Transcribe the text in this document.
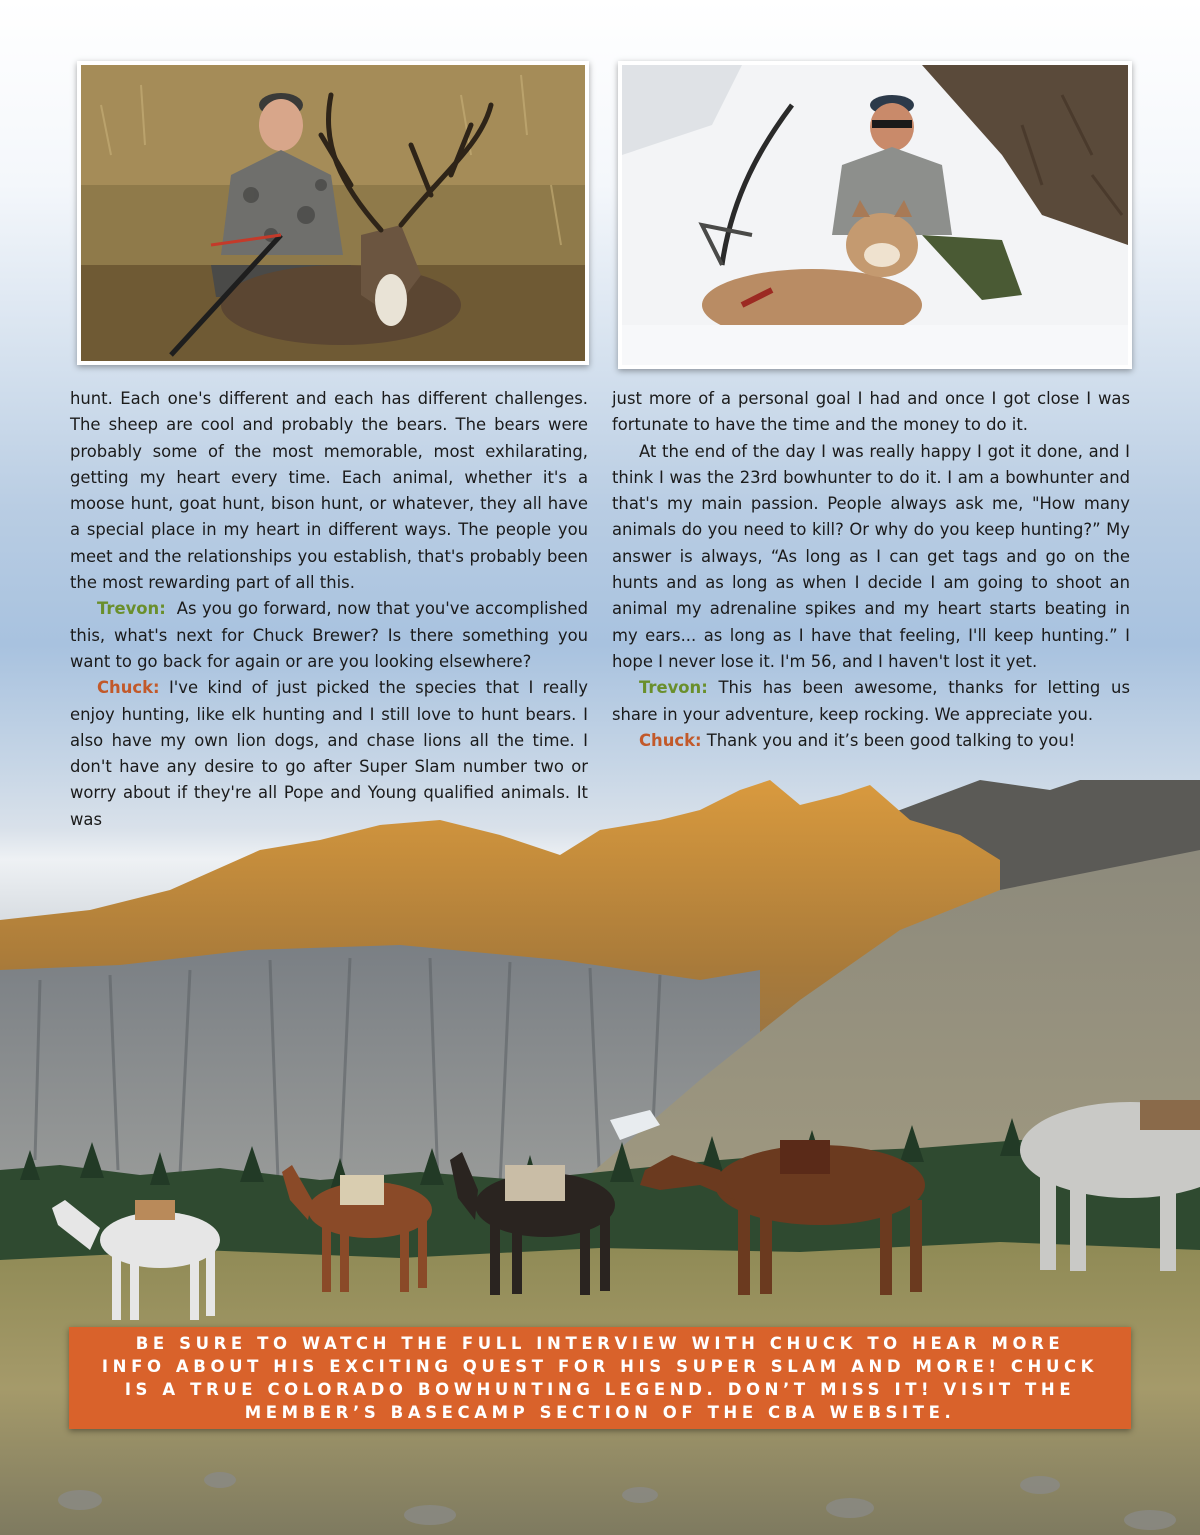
hunt. Each one's different and each has different challenges. The sheep are cool and probably the bears. The bears were probably some of the most memorable, most exhilarating, getting my heart every time. Each animal, whether it's a moose hunt, goat hunt, bison hunt, or whatever, they all have a special place in my heart in different ways. The people you meet and the relationships you establish, that's probably been the most rewarding part of all this.

Trevon: As you go forward, now that you've accomplished this, what's next for Chuck Brewer? Is there something you want to go back for again or are you looking elsewhere?

Chuck: I've kind of just picked the species that I really enjoy hunting, like elk hunting and I still love to hunt bears. I also have my own lion dogs, and chase lions all the time. I don't have any desire to go after Super Slam number two or worry about if they're all Pope and Young qualified animals. It was

just more of a personal goal I had and once I got close I was fortunate to have the time and the money to do it.

At the end of the day I was really happy I got it done, and I think I was the 23rd bowhunter to do it. I am a bowhunter and that's my main passion. People always ask me, "How many animals do you need to kill? Or why do you keep hunting?” My answer is always, “As long as I can get tags and go on the hunts and as long as when I decide I am going to shoot an animal my adrenaline spikes and my heart starts beating in my ears... as long as I have that feeling, I'll keep hunting.” I hope I never lose it. I'm 56, and I haven't lost it yet.

Trevon: This has been awesome, thanks for letting us share in your adventure, keep rocking. We appreciate you.

Chuck: Thank you and it’s been good talking to you!

BE SURE TO WATCH THE FULL INTERVIEW WITH CHUCK TO HEAR MORE INFO ABOUT HIS EXCITING QUEST FOR HIS SUPER SLAM AND MORE! CHUCK IS A TRUE COLORADO BOWHUNTING LEGEND. DON’T MISS IT! VISIT THE MEMBER’S BASECAMP SECTION OF THE CBA WEBSITE.
